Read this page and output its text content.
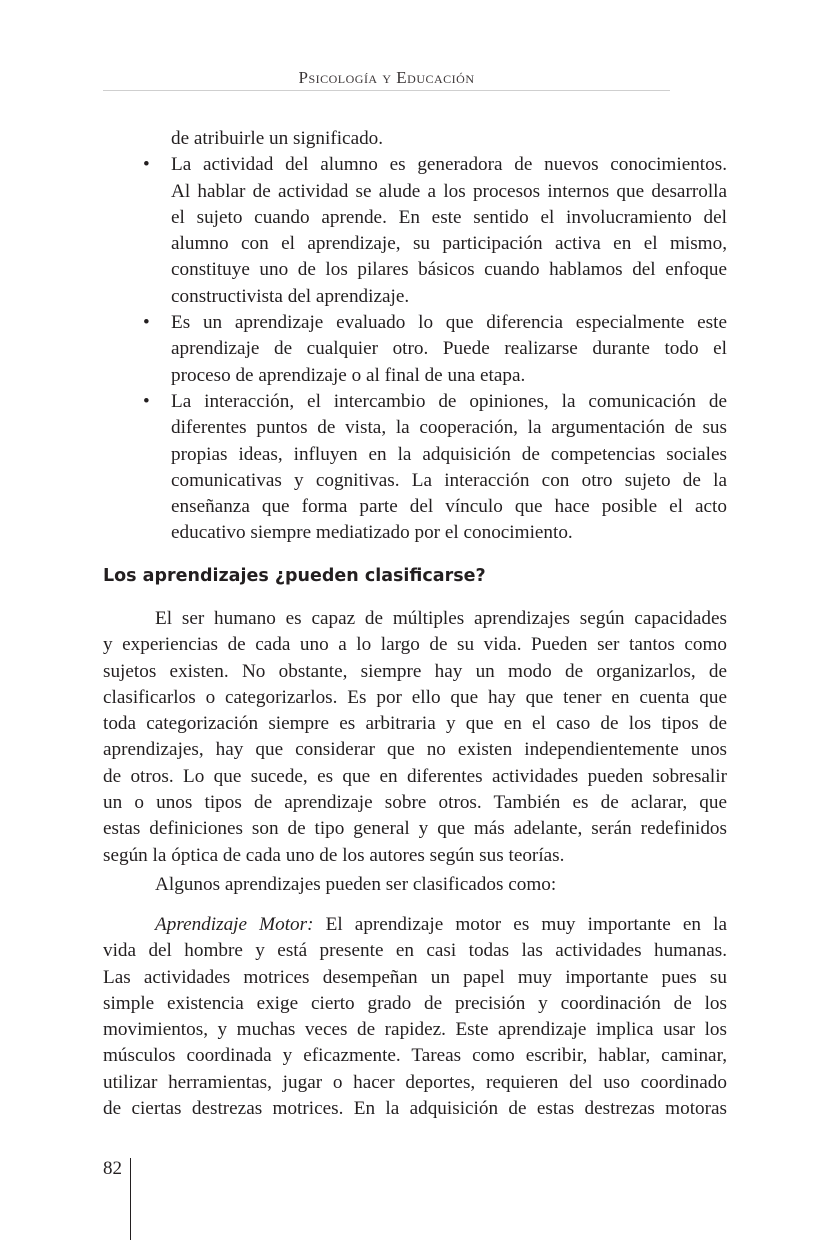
Psicología y Educación
de atribuirle un significado.
•	La actividad del alumno es generadora de nuevos conocimientos.
Al hablar de actividad se alude a los procesos internos que desarrolla
el sujeto cuando aprende. En este sentido el involucramiento del
alumno con el aprendizaje, su participación activa en el mismo,
constituye uno de los pilares básicos cuando hablamos del enfoque
constructivista del aprendizaje.
•	Es un aprendizaje evaluado lo que diferencia especialmente este
aprendizaje de cualquier otro. Puede realizarse durante todo el
proceso de aprendizaje o al final de una etapa.
•	La interacción, el intercambio de opiniones, la comunicación de
diferentes puntos de vista, la cooperación, la argumentación de sus
propias ideas, influyen en la adquisición de competencias sociales
comunicativas y cognitivas. La interacción con otro sujeto de la
enseñanza que forma parte del vínculo que hace posible el acto
educativo siempre mediatizado por el conocimiento.
Los aprendizajes ¿pueden clasificarse?
El ser humano es capaz de múltiples aprendizajes según capacidades
y experiencias de cada uno a lo largo de su vida. Pueden ser tantos como
sujetos existen. No obstante, siempre hay un modo de organizarlos, de
clasificarlos o categorizarlos. Es por ello que hay que tener en cuenta que
toda categorización siempre es arbitraria y que en el caso de los tipos de
aprendizajes, hay que considerar que no existen independientemente unos
de otros. Lo que sucede, es que en diferentes actividades pueden sobresalir
un o unos tipos de aprendizaje sobre otros. También es de aclarar, que
estas definiciones son de tipo general y que más adelante, serán redefinidos
según la óptica de cada uno de los autores según sus teorías.
Algunos aprendizajes pueden ser clasificados como:
Aprendizaje Motor: El aprendizaje motor es muy importante en la
vida del hombre y está presente en casi todas las actividades humanas.
Las actividades motrices desempeñan un papel muy importante pues su
simple existencia exige cierto grado de precisión y coordinación de los
movimientos, y muchas veces de rapidez. Este aprendizaje implica usar los
músculos coordinada y eficazmente. Tareas como escribir, hablar, caminar,
utilizar herramientas, jugar o hacer deportes, requieren del uso coordinado
de ciertas destrezas motrices. En la adquisición de estas destrezas motoras
82
